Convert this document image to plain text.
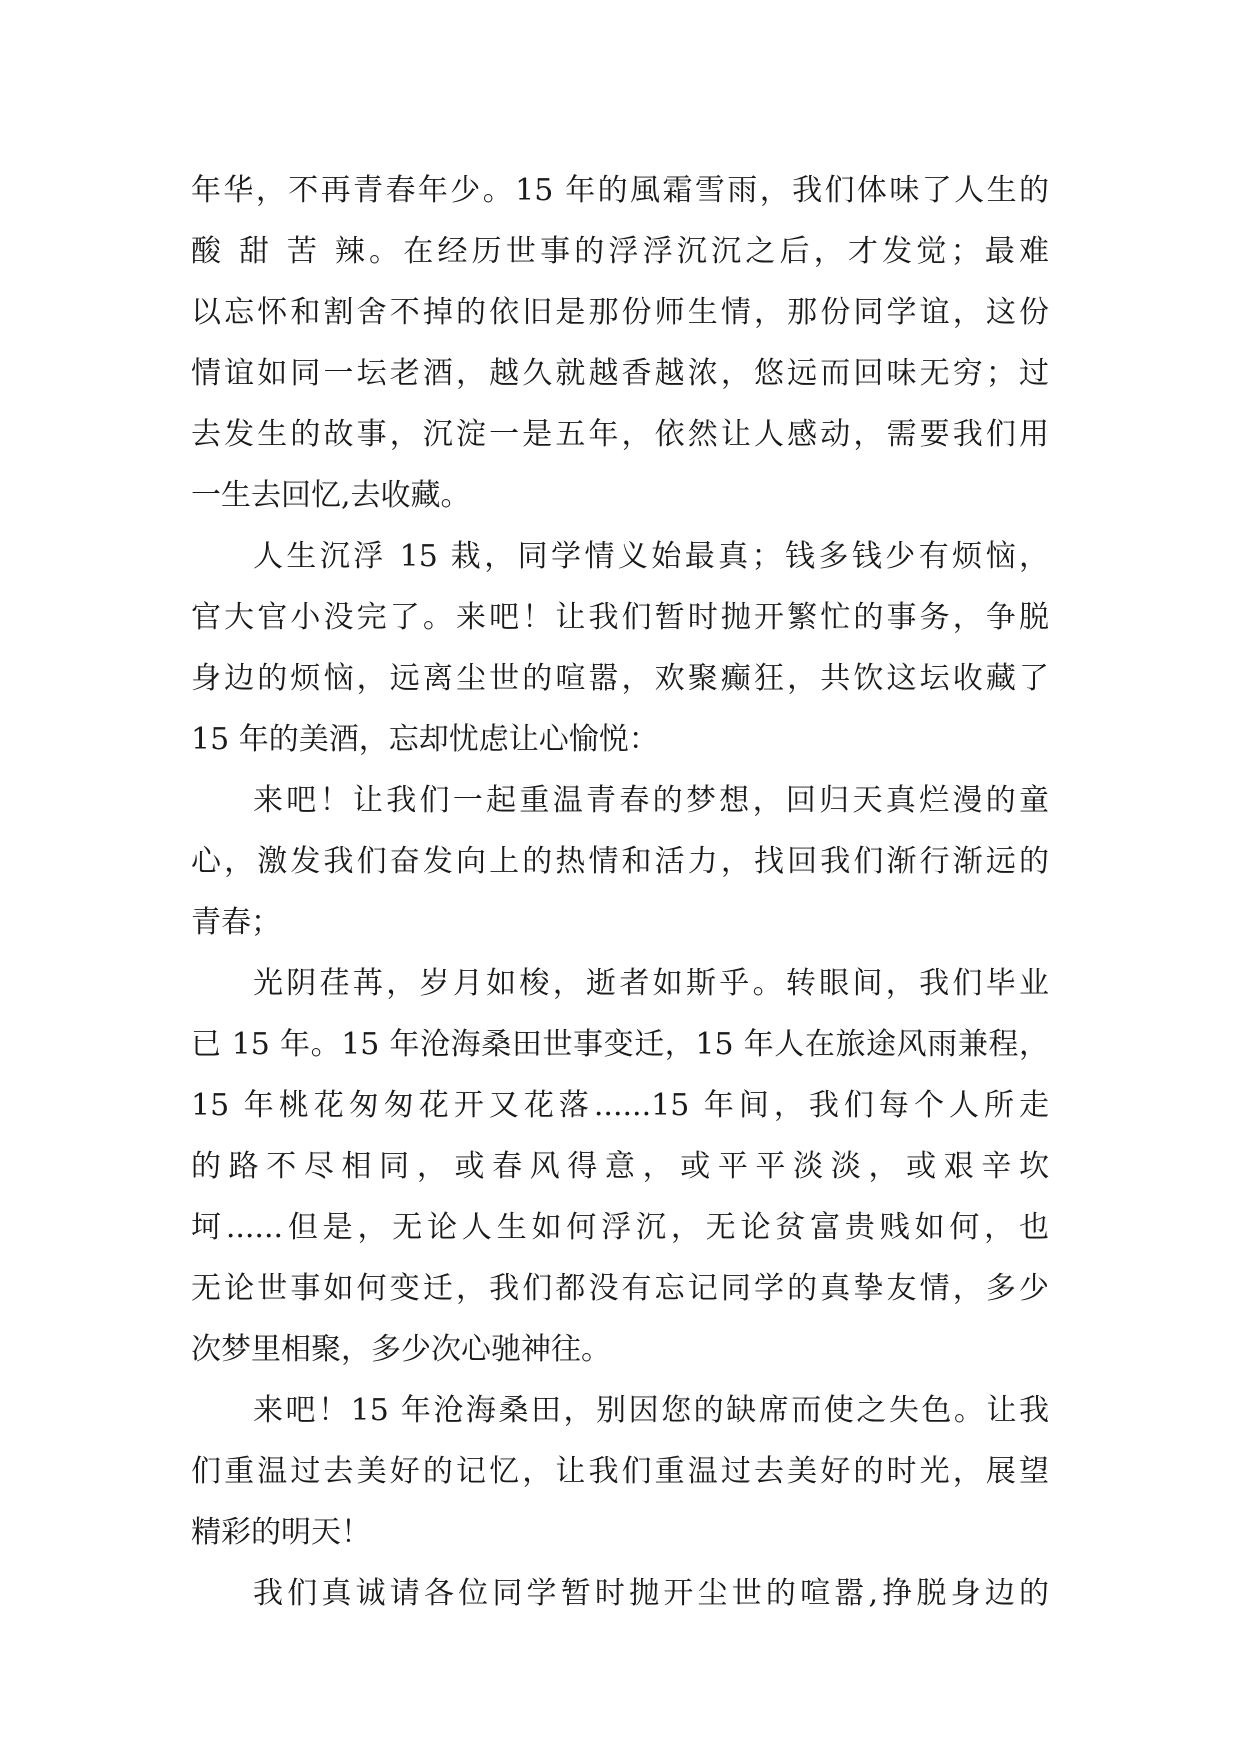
年华，不再青春年少。15 年的風霜雪雨，我们体味了人生的
酸 甜 苦 辣。在经历世事的浮浮沉沉之后，才发觉；最难
以忘怀和割舍不掉的依旧是那份师生情，那份同学谊，这份
情谊如同一坛老酒，越久就越香越浓，悠远而回味无穷；过
去发生的故事，沉淀一是五年，依然让人感动，需要我们用
一生去回忆,去收藏。
人生沉浮 15 栽，同学情义始最真；钱多钱少有烦恼，
官大官小没完了。来吧！让我们暂时抛开繁忙的事务，争脱
身边的烦恼，远离尘世的喧嚣，欢聚癫狂，共饮这坛收藏了
15 年的美酒，忘却忧虑让心愉悦：
来吧！让我们一起重温青春的梦想，回归天真烂漫的童
心，激发我们奋发向上的热情和活力，找回我们渐行渐远的
青春；
光阴荏苒，岁月如梭，逝者如斯乎。转眼间，我们毕业
已 15 年。15 年沧海桑田世事变迁，15 年人在旅途风雨兼程，
15 年桃花匆匆花开又花落......15 年间，我们每个人所走
的路不尽相同，或春风得意，或平平淡淡，或艰辛坎
坷......但是，无论人生如何浮沉，无论贫富贵贱如何，也
无论世事如何变迁，我们都没有忘记同学的真挚友情，多少
次梦里相聚，多少次心驰神往。
来吧！15 年沧海桑田，别因您的缺席而使之失色。让我
们重温过去美好的记忆，让我们重温过去美好的时光，展望
精彩的明天！
我们真诚请各位同学暂时抛开尘世的喧嚣,挣脱身边的
